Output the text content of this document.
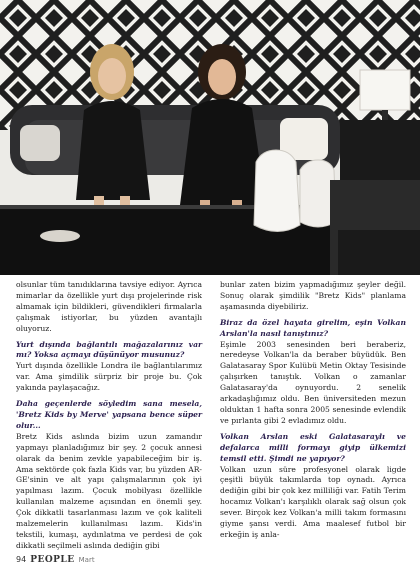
olsunlar tüm tanıdıklarına tavsiye ediyor. Ayrıca mimarlar da özellikle yurt dışı projelerinde risk almamak için bildikleri, güvendikleri firmalarla çalışmak istiyorlar, bu yüzden avantajlı oluyoruz.

Yurt dışında bağlantılı mağazalarınız var mı? Yoksa açmayı düşünüyor musunuz?

Yurt dışında özellikle Londra ile bağlantılarımız var. Ama şimdilik sürpriz bir proje bu. Çok yakında paylaşacağız.

Daha geçenlerde söyledim sana mesela, 'Bretz Kids by Merve' yapsana bence süper olur...

Bretz Kids aslında bizim uzun zamandır yapmayı planladığımız bir şey. 2 çocuk annesi olarak da benim zevkle yapabileceğim bir iş. Ama sektörde çok fazla Kids var, bu yüzden AR-GE'sinin ve alt yapı çalışmalarının çok iyi yapılması lazım. Çocuk mobilyası özellikle kullanılan malzeme açısından en önemli şey. Çok dikkatli tasarlanması lazım ve çok kaliteli malzemelerin kullanılması lazım. Kids'in tekstili, kumaşı, aydınlatma ve perdesi de çok dikkatli seçilmeli aslında dediğin gibi

bunlar zaten bizim yapmadığımız şeyler değil. Sonuç olarak şimdilik "Bretz Kids" planlama aşamasında diyebiliriz.

Biraz da özel hayata girelim, eşin Volkan Arslan'la nasıl tanıştınız?

Eşimle 2003 senesinden beri beraberiz, neredeyse Volkan'la da beraber büyüdük. Ben Galatasaray Spor Kulübü Metin Oktay Tesisinde çalışırken tanıştık. Volkan o zamanlar Galatasaray'da oynuyordu. 2 senelik arkadaşlığımız oldu. Ben üniversiteden mezun olduktan 1 hafta sonra 2005 senesinde evlendik ve pırlanta gibi 2 evladımız oldu.

Volkan Arslan eski Galatasaraylı ve defalarca milli formayı giyip ülkemizi temsil etti. Şimdi ne yapıyor?

Volkan uzun süre profesyonel olarak ligde çeşitli büyük takımlarda top oynadı. Ayrıca dediğin gibi bir çok kez milliliği var. Fatih Terim hocamız Volkan'ı karşılıklı olarak sağ olsun çok sever. Birçok kez Volkan'a milli takım formasını giyme şansı verdi. Ama maalesef futbol bir erkeğin iş anla-

94 PEOPLE Mart
